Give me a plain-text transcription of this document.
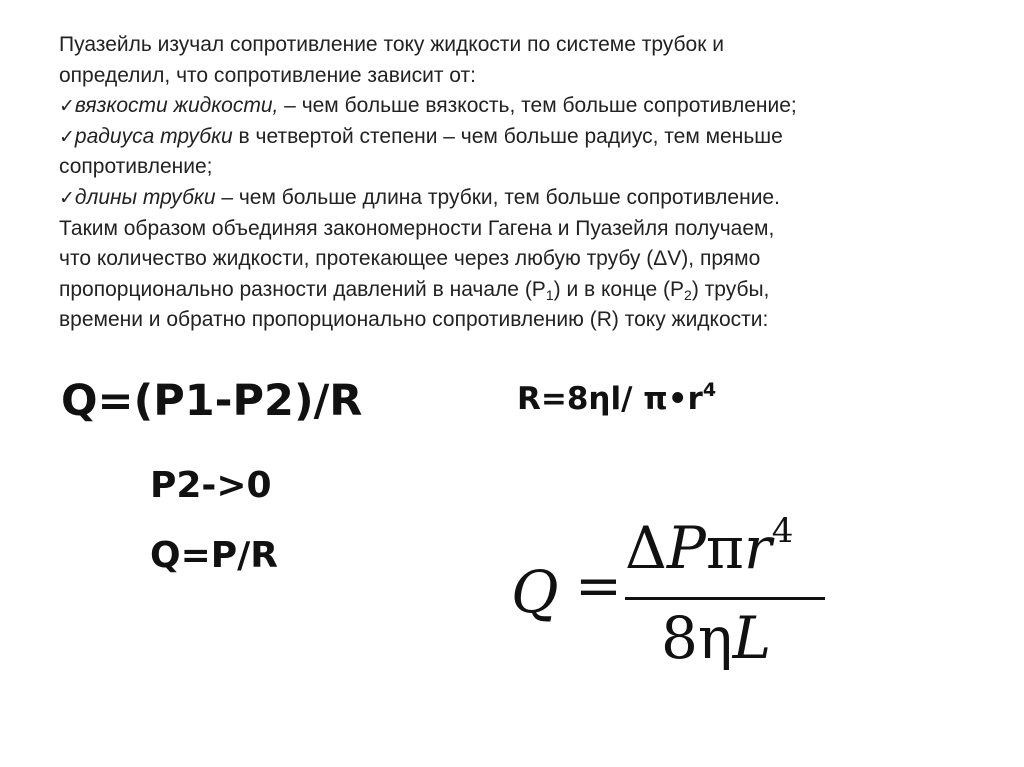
Пуазейль изучал сопротивление току жидкости по системе трубок и
определил, что сопротивление зависит от:
✓вязкости жидкости, – чем больше вязкость, тем больше сопротивление;
✓радиуса трубки в четвертой степени – чем больше радиус, тем меньше
сопротивление;
✓длины трубки – чем больше длина трубки, тем больше сопротивление.
Таким образом объединяя закономерности Гагена и Пуазейля получаем,
что количество жидкости, протекающее через любую трубу (ΔV), прямо
пропорционально разности давлений в начале $(P_1)$ и в конце $(P_2)$ трубы,
времени и обратно пропорционально сопротивлению (R) току жидкости:
Q=(P1-P2)/R	R=8ηl/ $\pi•r^4$
P2->0
Q=P/R
Q =
ΔPπr$^4$
8ηL
